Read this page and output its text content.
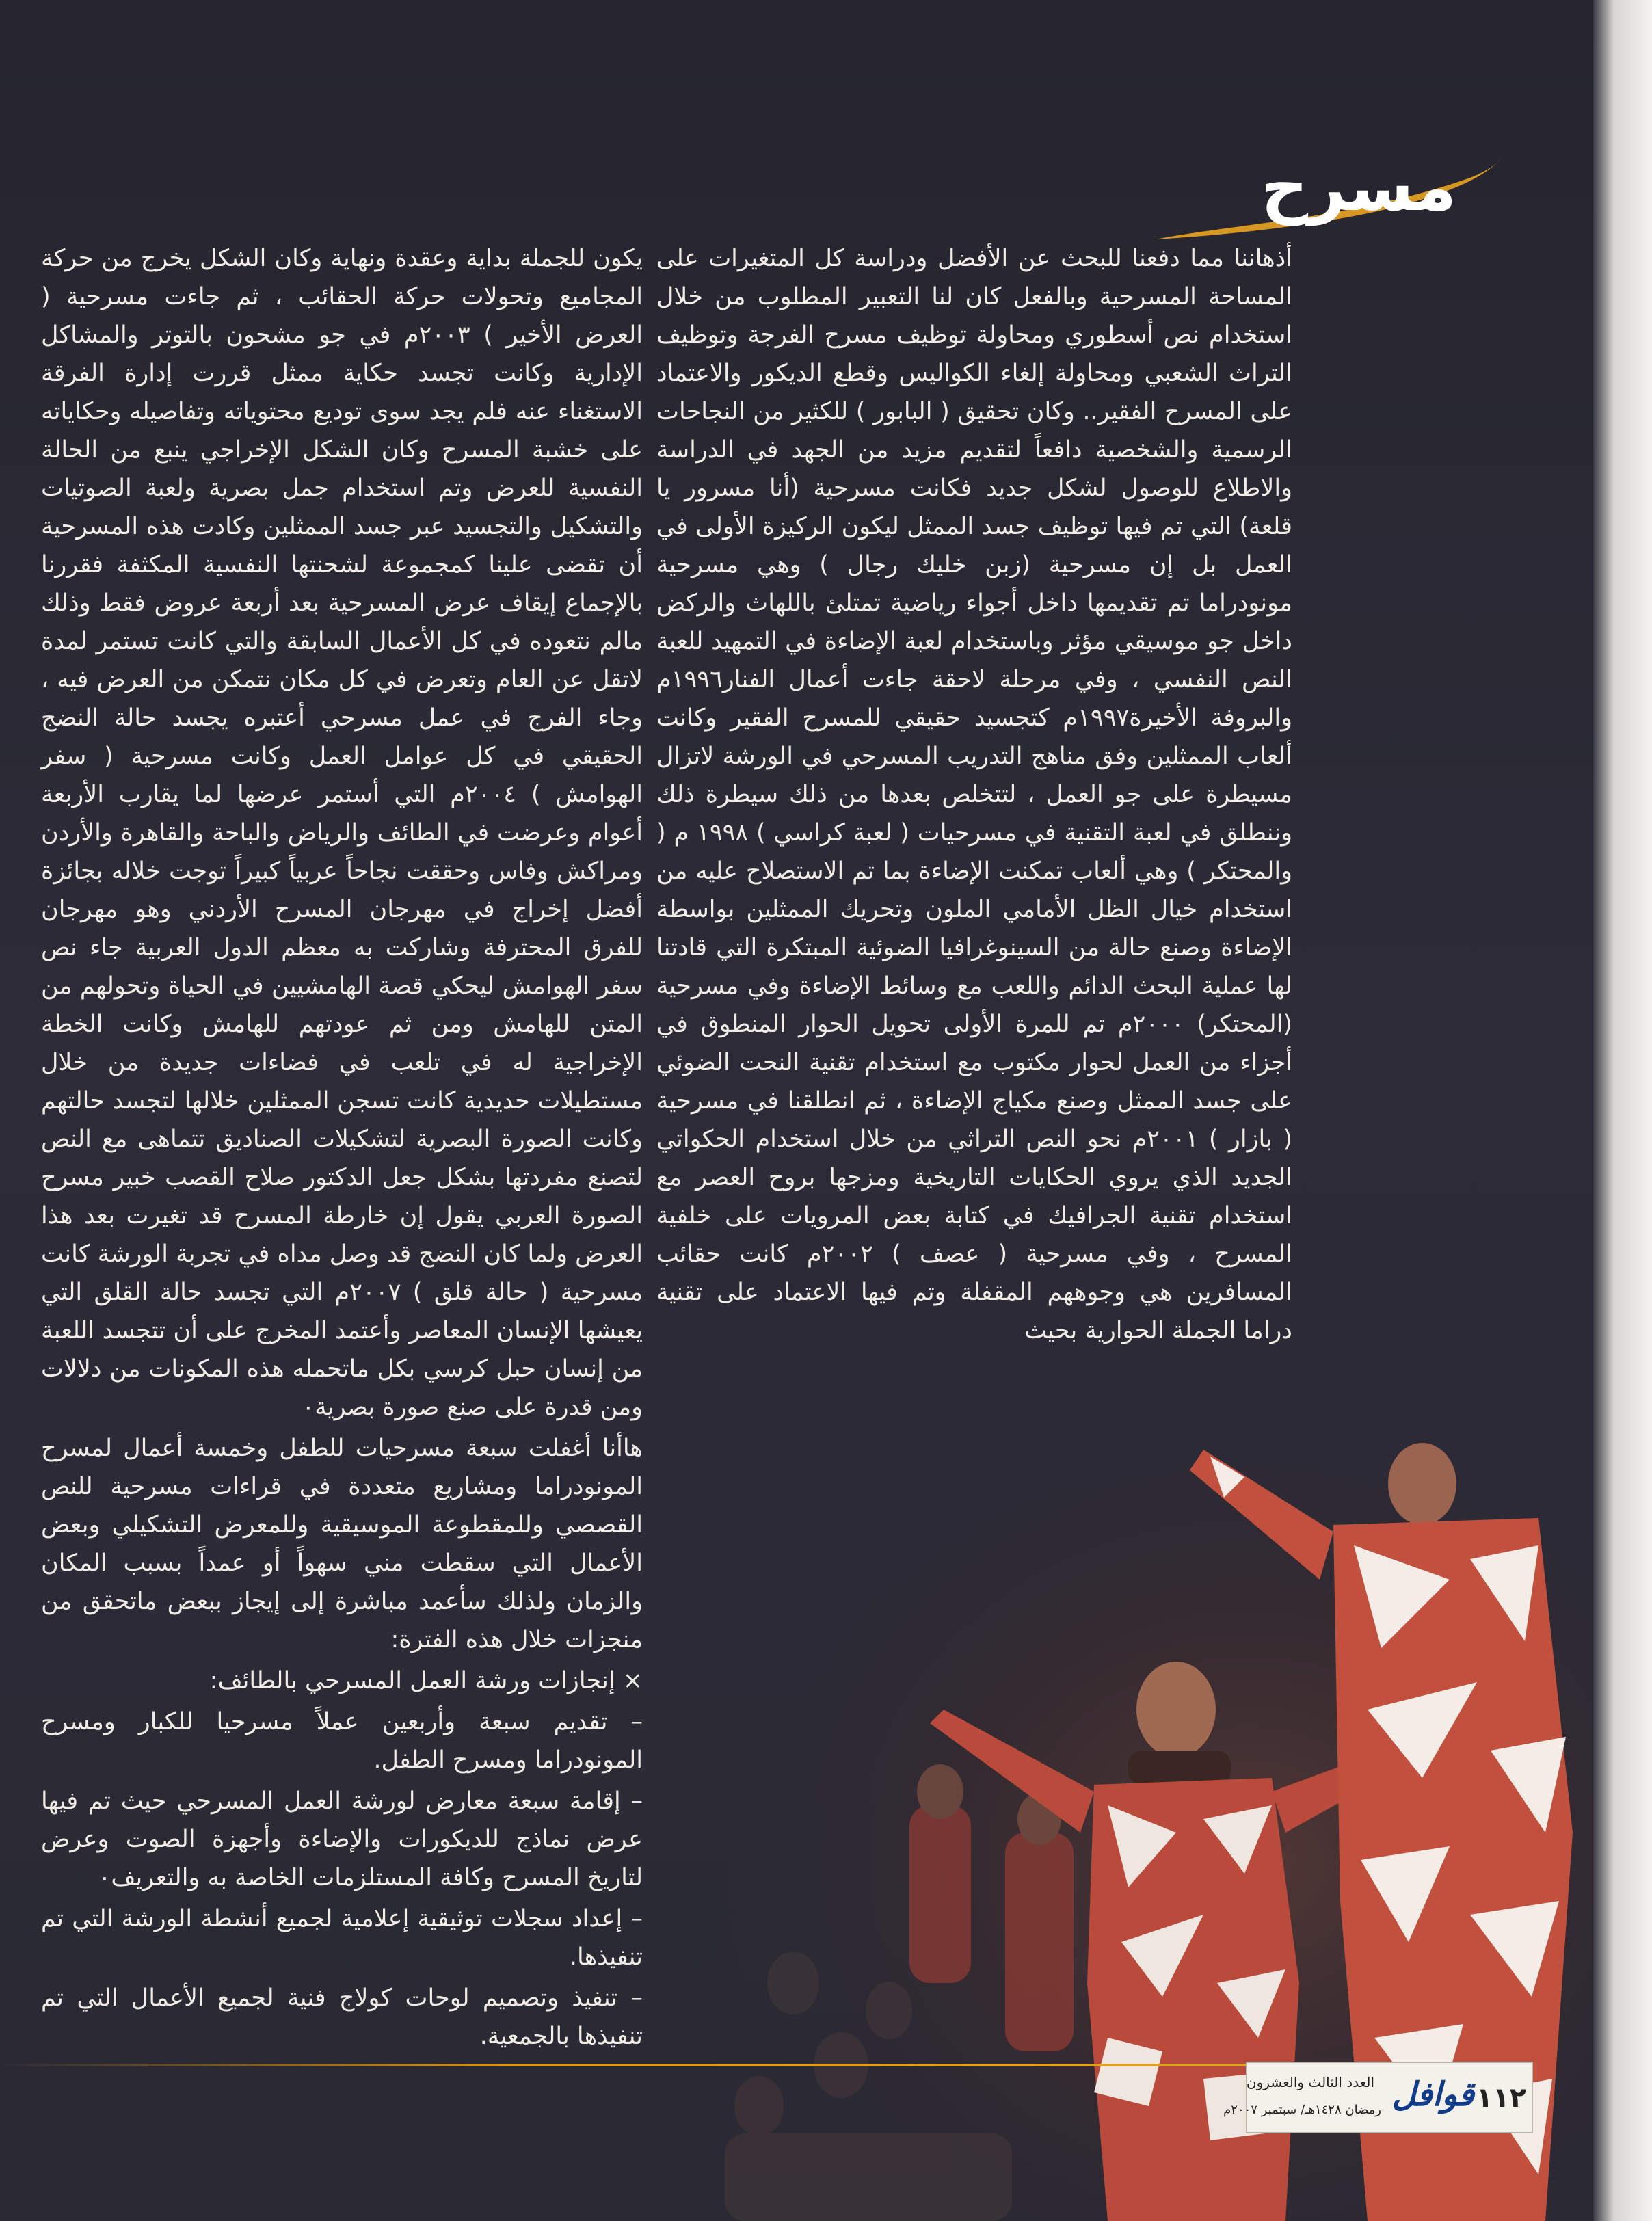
مسرح

أذهاننا مما دفعنا للبحث عن الأفضل ودراسة كل المتغيرات على المساحة المسرحية وبالفعل كان لنا التعبير المطلوب من خلال استخدام نص أسطوري ومحاولة توظيف مسرح الفرجة وتوظيف التراث الشعبي ومحاولة إلغاء الكواليس وقطع الديكور والاعتماد على المسرح الفقير.. وكان تحقيق ( البابور ) للكثير من النجاحات الرسمية والشخصية دافعاً لتقديم مزيد من الجهد في الدراسة والاطلاع للوصول لشكل جديد فكانت مسرحية (أنا مسرور يا قلعة) التي تم فيها توظيف جسد الممثل ليكون الركيزة الأولى في العمل بل إن مسرحية (زبن خليك رجال ) وهي مسرحية مونودراما تم تقديمها داخل أجواء رياضية تمتلئ باللهاث والركض داخل جو موسيقي مؤثر وباستخدام لعبة الإضاءة في التمهيد للعبة النص النفسي ، وفي مرحلة لاحقة جاءت أعمال الفنار١٩٩٦م والبروفة الأخيرة١٩٩٧م كتجسيد حقيقي للمسرح الفقير وكانت ألعاب الممثلين وفق مناهج التدريب المسرحي في الورشة لاتزال مسيطرة على جو العمل ، لتتخلص بعدها من ذلك سيطرة ذلك وننطلق في لعبة التقنية في مسرحيات ( لعبة كراسي ) ١٩٩٨ م ( والمحتكر ) وهي ألعاب تمكنت الإضاءة بما تم الاستصلاح عليه من استخدام خيال الظل الأمامي الملون وتحريك الممثلين بواسطة الإضاءة وصنع حالة من السينوغرافيا الضوئية المبتكرة التي قادتنا لها عملية البحث الدائم واللعب مع وسائط الإضاءة وفي مسرحية (المحتكر) ٢٠٠٠م تم للمرة الأولى تحويل الحوار المنطوق في أجزاء من العمل لحوار مكتوب مع استخدام تقنية النحت الضوئي على جسد الممثل وصنع مكياج الإضاءة ، ثم انطلقنا في مسرحية ( بازار ) ٢٠٠١م نحو النص التراثي من خلال استخدام الحكواتي الجديد الذي يروي الحكايات التاريخية ومزجها بروح العصر مع استخدام تقنية الجرافيك في كتابة بعض المرويات على خلفية المسرح ، وفي مسرحية ( عصف ) ٢٠٠٢م كانت حقائب المسافرين هي وجوههم المقفلة وتم فيها الاعتماد على تقنية دراما الجملة الحوارية بحيث

يكون للجملة بداية وعقدة ونهاية وكان الشكل يخرج من حركة المجاميع وتحولات حركة الحقائب ، ثم جاءت مسرحية ( العرض الأخير ) ٢٠٠٣م في جو مشحون بالتوتر والمشاكل الإدارية وكانت تجسد حكاية ممثل قررت إدارة الفرقة الاستغناء عنه فلم يجد سوى توديع محتوياته وتفاصيله وحكاياته على خشبة المسرح وكان الشكل الإخراجي ينبع من الحالة النفسية للعرض وتم استخدام جمل بصرية ولعبة الصوتيات والتشكيل والتجسيد عبر جسد الممثلين وكادت هذه المسرحية أن تقضى علينا كمجموعة لشحنتها النفسية المكثفة فقررنا بالإجماع إيقاف عرض المسرحية بعد أربعة عروض فقط وذلك مالم نتعوده في كل الأعمال السابقة والتي كانت تستمر لمدة لاتقل عن العام وتعرض في كل مكان نتمكن من العرض فيه ، وجاء الفرج في عمل مسرحي أعتبره يجسد حالة النضج الحقيقي في كل عوامل العمل وكانت مسرحية ( سفر الهوامش ) ٢٠٠٤م التي أستمر عرضها لما يقارب الأربعة أعوام وعرضت في الطائف والرياض والباحة والقاهرة والأردن ومراكش وفاس وحققت نجاحاً عربياً كبيراً توجت خلاله بجائزة أفضل إخراج في مهرجان المسرح الأردني وهو مهرجان للفرق المحترفة وشاركت به معظم الدول العربية جاء نص سفر الهوامش ليحكي قصة الهامشيين في الحياة وتحولهم من المتن للهامش ومن ثم عودتهم للهامش وكانت الخطة الإخراجية له في تلعب في فضاءات جديدة من خلال مستطيلات حديدية كانت تسجن الممثلين خلالها لتجسد حالتهم وكانت الصورة البصرية لتشكيلات الصناديق تتماهى مع النص لتصنع مفردتها بشكل جعل الدكتور صلاح القصب خبير مسرح الصورة العربي يقول إن خارطة المسرح قد تغيرت بعد هذا العرض ولما كان النضج قد وصل مداه في تجربة الورشة كانت مسرحية ( حالة قلق ) ٢٠٠٧م التي تجسد حالة القلق التي يعيشها الإنسان المعاصر وأعتمد المخرج على أن تتجسد اللعبة من إنسان حبل كرسي بكل ماتحمله هذه المكونات من دلالات ومن قدرة على صنع صورة بصرية٠

هاأنا أغفلت سبعة مسرحيات للطفل وخمسة أعمال لمسرح المونودراما ومشاريع متعددة في قراءات مسرحية للنص القصصي وللمقطوعة الموسيقية وللمعرض التشكيلي وبعض الأعمال التي سقطت مني سهواً أو عمداً بسبب المكان والزمان ولذلك سأعمد مباشرة إلى إيجاز ببعض ماتحقق من منجزات خلال هذه الفترة:

× إنجازات ورشة العمل المسرحي بالطائف:

– تقديم سبعة وأربعين عملاً مسرحيا للكبار ومسرح المونودراما ومسرح الطفل.

– إقامة سبعة معارض لورشة العمل المسرحي حيث تم فيها عرض نماذج للديكورات والإضاءة وأجهزة الصوت وعرض لتاريخ المسرح وكافة المستلزمات الخاصة به والتعريف٠

– إعداد سجلات توثيقية إعلامية لجميع أنشطة الورشة التي تم تنفيذها.

– تنفيذ وتصميم لوحات كولاج فنية لجميع الأعمال التي تم تنفيذها بالجمعية.

١١٢
قوافل
العدد الثالث والعشرون
رمضان ١٤٢٨هـ/ سبتمبر ٢٠٠٧م
